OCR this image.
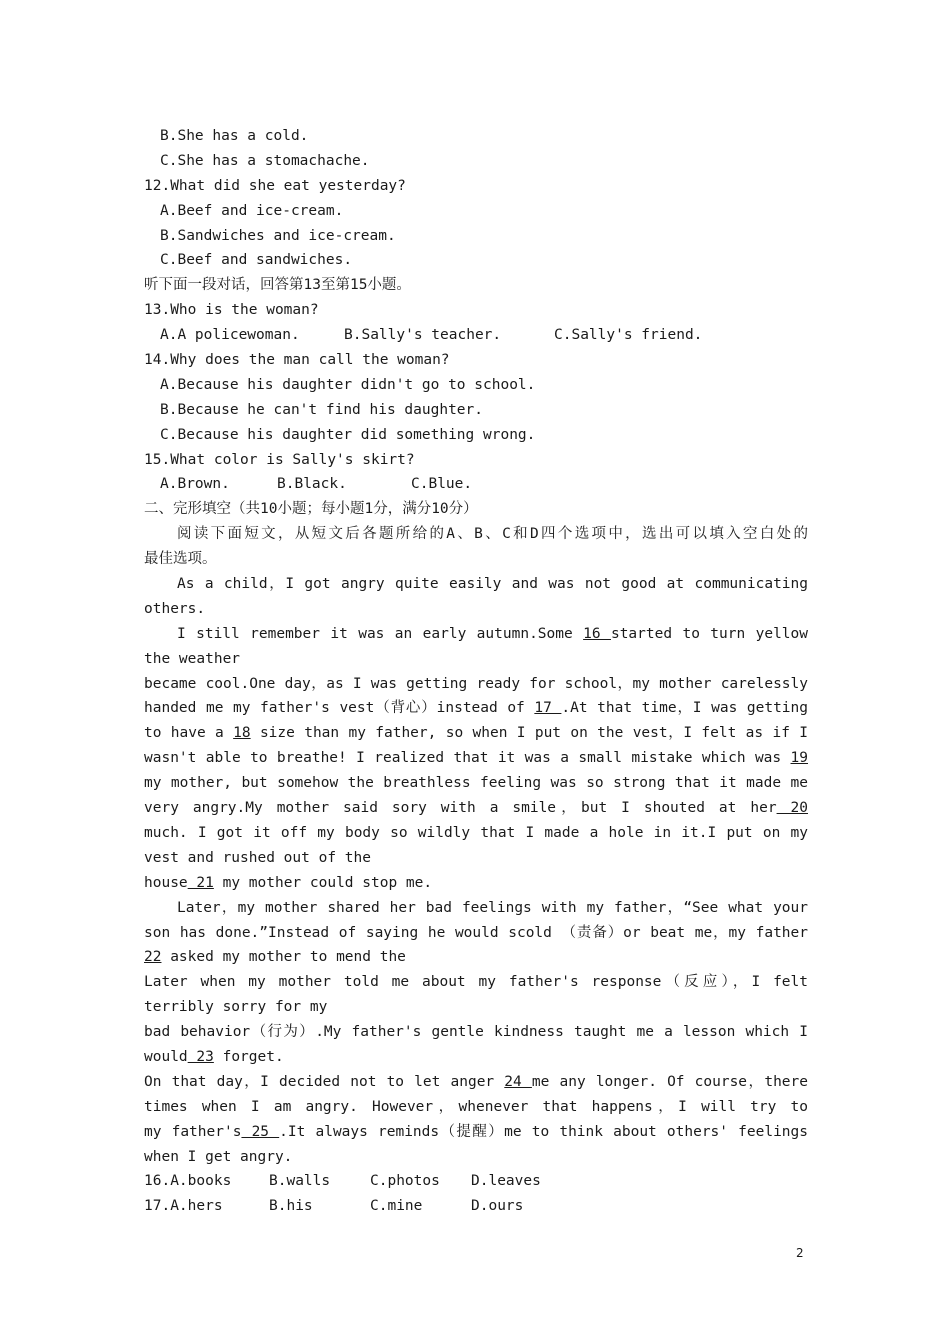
B.She has a cold.
C.She has a stomachache.
12.What did she eat yesterday?
A.Beef and ice-cream.
B.Sandwiches and ice-cream.
C.Beef and sandwiches.
听下面一段对话，回答第13至第15小题。
13.Who is the woman?
A.A policewoman.	B.Sally's teacher.	C.Sally's friend.
14.Why does the man call the woman?
A.Because his daughter didn't go to school.
B.Because he can't find his daughter.
C.Because his daughter did something wrong.
15.What color is Sally's skirt?
A.Brown.	B.Black.	C.Blue.
二、完形填空（共10小题；每小题1分，满分10分）
阅读下面短文，从短文后各题所给的A、B、C和D四个选项中，选出可以填入空白处的
最佳选项。
As a child，I got angry quite easily and was not good at communicating
others.
I still remember it was an early autumn.Some 16 started to turn yellow
the weather
became cool.One day，as I was getting ready for school，my mother carelessly
handed me my father's vest（背心）instead of 17 .At that time，I was getting
to have a 18 size than my father, so when I put on the vest，I felt as if I
wasn't able to breathe! I realized that it was a small mistake which was 19
my mother, but somehow the breathless feeling was so strong that it made me
very angry.My mother said sory with a smile，but I shouted at her 20
much. I got it off my body so wildly that I made a hole in it.I put on my
vest and rushed out of the
house 21 my mother could stop me.
Later，my mother shared her bad feelings with my father，“See what your
son has done.”Instead of saying he would scold （责备）or beat me，my father
22 asked my mother to mend the
Later when my mother told me about my father's response（反应），I felt
terribly sorry for my
bad behavior（行为）.My father's gentle kindness taught me a lesson which I
would 23 forget.
On that day，I decided not to let anger 24 me any longer. Of course，there
times when I am angry. However，whenever that happens，I will try to
my father's 25 .It always reminds（提醒）me to think about others' feelings
when I get angry.
16.A.books	B.walls	C.photos D.leaves
17.A.hers	B.his	C.mine	D.ours
2
